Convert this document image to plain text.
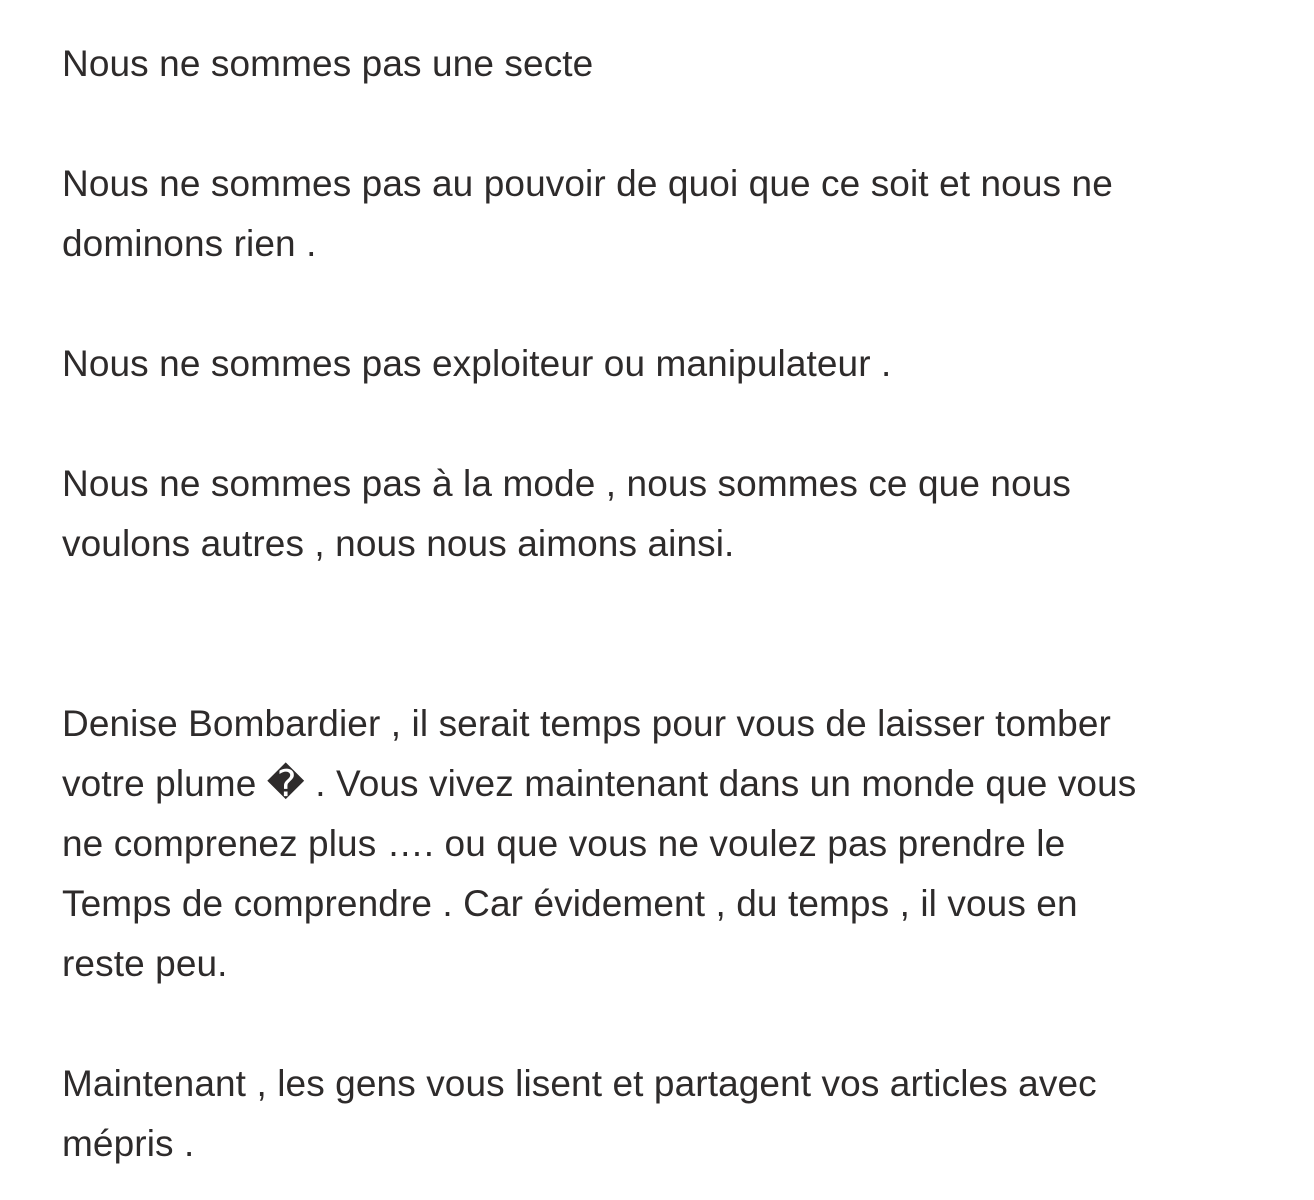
Nous ne sommes pas une secte

Nous ne sommes pas au pouvoir de quoi que ce soit et nous ne
dominons rien .

Nous ne sommes pas exploiteur ou manipulateur .

Nous ne sommes pas à la mode , nous sommes ce que nous
voulons autres , nous nous aimons ainsi.

Denise Bombardier , il serait temps pour vous de laisser tomber
votre plume � . Vous vivez maintenant dans un monde que vous
ne comprenez plus …. ou que vous ne voulez pas prendre le
Temps de comprendre . Car évidement , du temps , il vous en
reste peu.

Maintenant , les gens vous lisent et partagent vos articles avec
mépris .
